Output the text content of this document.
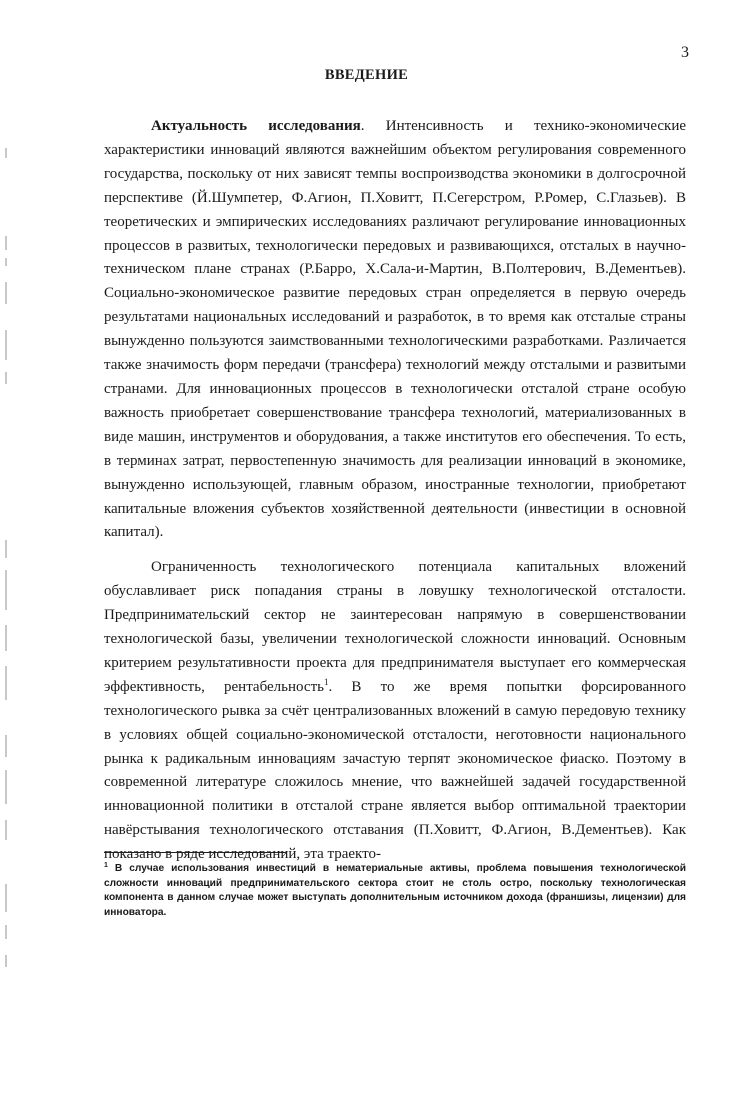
3
ВВЕДЕНИЕ

Актуальность исследования. Интенсивность и технико-экономические характеристики инноваций являются важнейшим объектом регулирования современного государства, поскольку от них зависят темпы воспроизводства экономики в долгосрочной перспективе (Й.Шумпетер, Ф.Агион, П.Ховитт, П.Сегерстром, Р.Ромер, С.Глазьев). В теоретических и эмпирических исследованиях различают регулирование инновационных процессов в развитых, технологически передовых и развивающихся, отсталых в научно-техническом плане странах (Р.Барро, Х.Сала-и-Мартин, В.Полтерович, В.Дементьев). Социально-экономическое развитие передовых стран определяется в первую очередь результатами национальных исследований и разработок, в то время как отсталые страны вынужденно пользуются заимствованными технологическими разработками. Различается также значимость форм передачи (трансфера) технологий между отсталыми и развитыми странами. Для инновационных процессов в технологически отсталой стране особую важность приобретает совершенствование трансфера технологий, материализованных в виде машин, инструментов и оборудования, а также институтов его обеспечения. То есть, в терминах затрат, первостепенную значимость для реализации инноваций в экономике, вынужденно использующей, главным образом, иностранные технологии, приобретают капитальные вложения субъектов хозяйственной деятельности (инвестиции в основной капитал).

Ограниченность технологического потенциала капитальных вложений обуславливает риск попадания страны в ловушку технологической отсталости. Предпринимательский сектор не заинтересован напрямую в совершенствовании технологической базы, увеличении технологической сложности инноваций. Основным критерием результативности проекта для предпринимателя выступает его коммерческая эффективность, рентабельность$^1$. В то же время попытки форсированного технологического рывка за счёт централизованных вложений в самую передовую технику в условиях общей социально-экономической отсталости, неготовности национального рынка к радикальным инновациям зачастую терпят экономическое фиаско. Поэтому в современной литературе сложилось мнение, что важнейшей задачей государственной инновационной политики в отсталой стране является выбор оптимальной траектории навёрстывания технологического отставания (П.Ховитт, Ф.Агион, В.Дементьев). Как показано в ряде исследований, эта траекто-

$^1$ В случае использования инвестиций в нематериальные активы, проблема повышения технологической сложности инноваций предпринимательского сектора стоит не столь остро, поскольку технологическая компонента в данном случае может выступать дополнительным источником дохода (франшизы, лицензии) для инноватора.
